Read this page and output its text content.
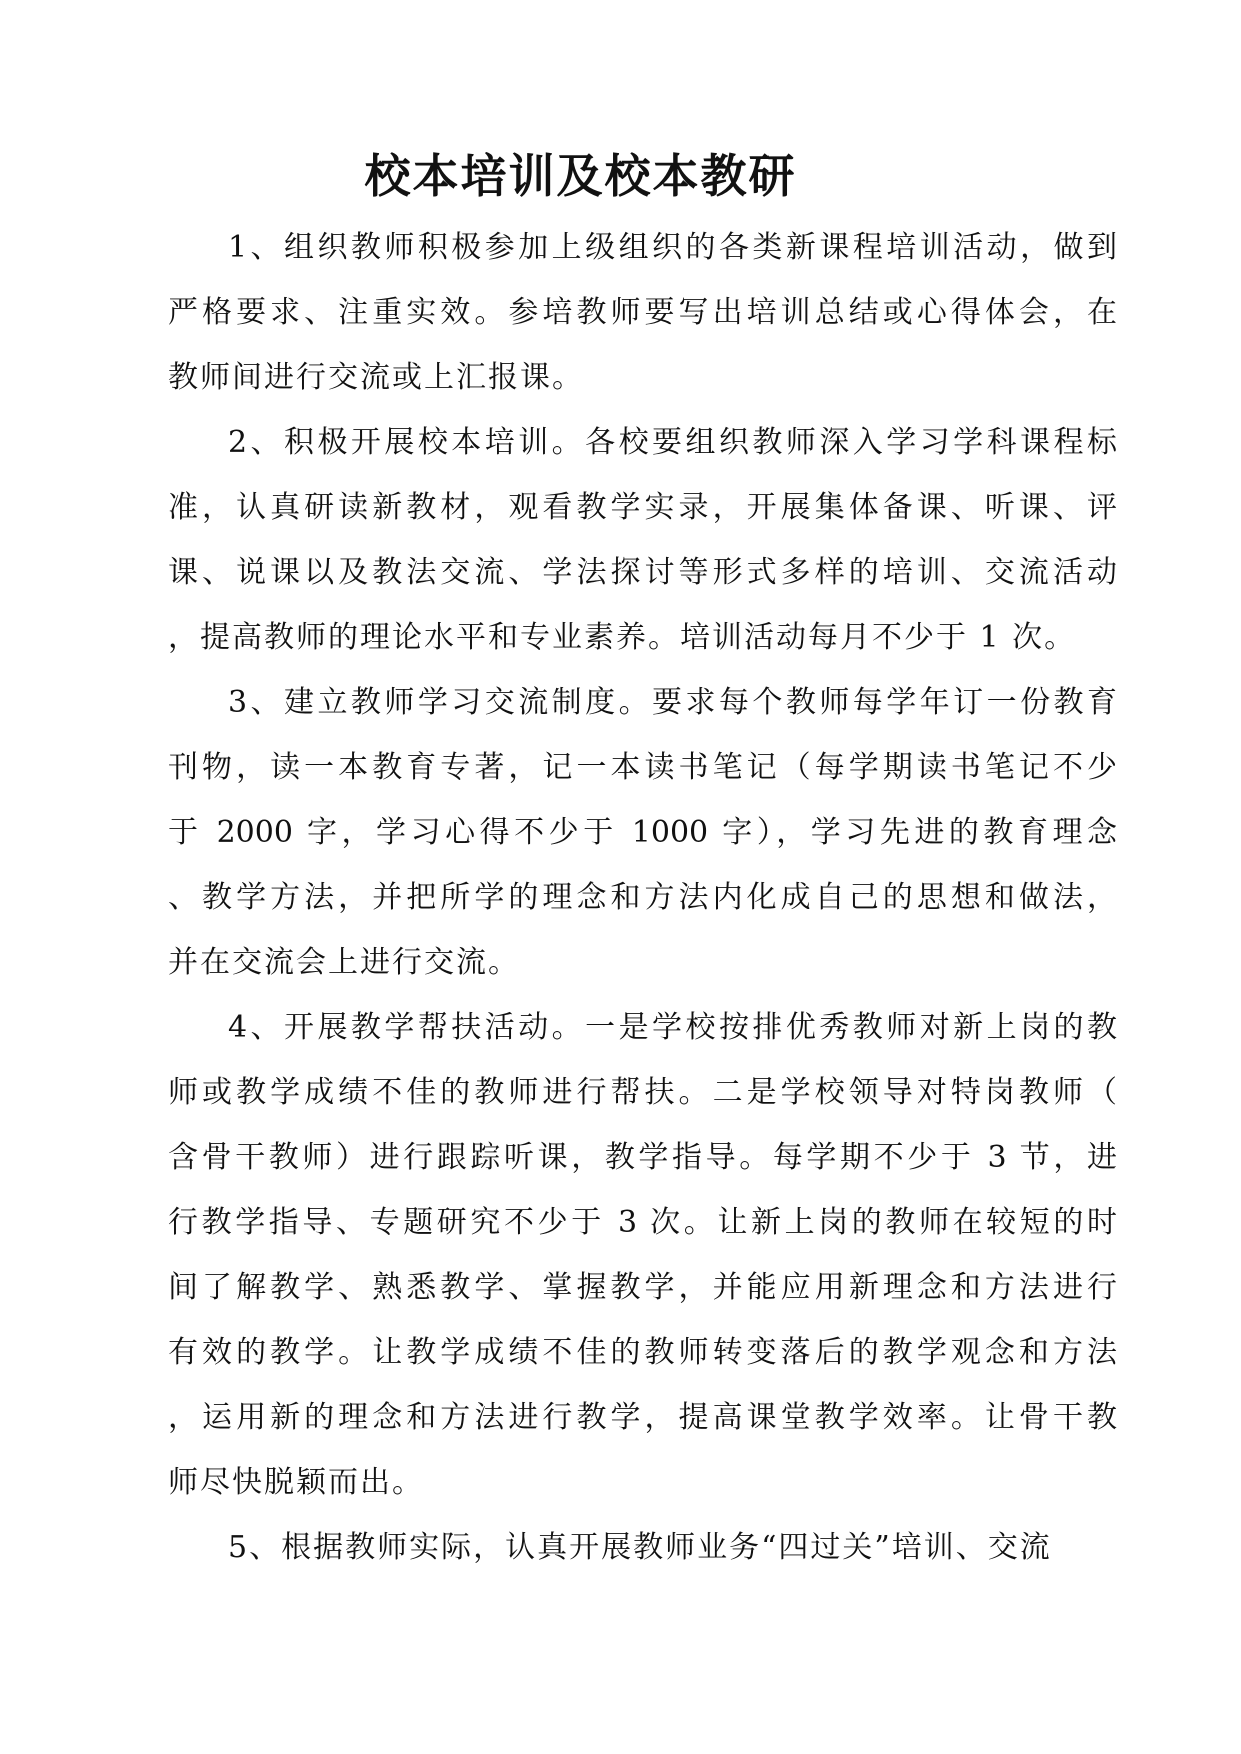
校本培训及校本教研
1、组织教师积极参加上级组织的各类新课程培训活动，做到
严格要求、注重实效。参培教师要写出培训总结或心得体会，在
教师间进行交流或上汇报课。
2、积极开展校本培训。各校要组织教师深入学习学科课程标
准，认真研读新教材，观看教学实录，开展集体备课、听课、评
课、说课以及教法交流、学法探讨等形式多样的培训、交流活动
，提高教师的理论水平和专业素养。培训活动每月不少于 1 次。
3、建立教师学习交流制度。要求每个教师每学年订一份教育
刊物，读一本教育专著，记一本读书笔记（每学期读书笔记不少
于 2000 字，学习心得不少于 1000 字），学习先进的教育理念
、教学方法，并把所学的理念和方法内化成自己的思想和做法，
并在交流会上进行交流。
4、开展教学帮扶活动。一是学校按排优秀教师对新上岗的教
师或教学成绩不佳的教师进行帮扶。二是学校领导对特岗教师（
含骨干教师）进行跟踪听课，教学指导。每学期不少于 3 节，进
行教学指导、专题研究不少于 3 次。让新上岗的教师在较短的时
间了解教学、熟悉教学、掌握教学，并能应用新理念和方法进行
有效的教学。让教学成绩不佳的教师转变落后的教学观念和方法
，运用新的理念和方法进行教学，提高课堂教学效率。让骨干教
师尽快脱颖而出。
5、根据教师实际，认真开展教师业务“四过关”培训、交流
